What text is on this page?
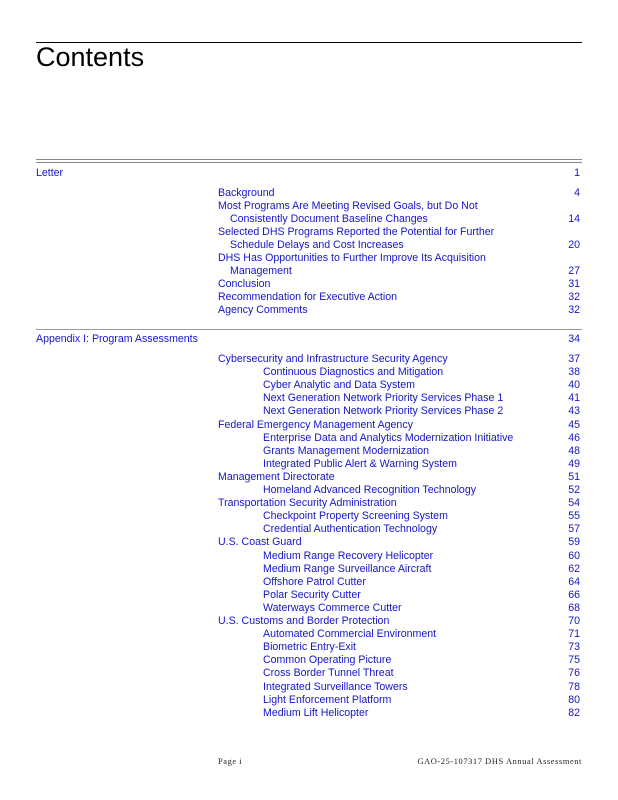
Contents
Letter	1
Background	4
Most Programs Are Meeting Revised Goals, but Do Not
Consistently Document Baseline Changes	14
Selected DHS Programs Reported the Potential for Further
Schedule Delays and Cost Increases	20
DHS Has Opportunities to Further Improve Its Acquisition
Management	27
Conclusion	31
Recommendation for Executive Action	32
Agency Comments	32
Appendix I: Program Assessments	34
Cybersecurity and Infrastructure Security Agency	37
Continuous Diagnostics and Mitigation	38
Cyber Analytic and Data System	40
Next Generation Network Priority Services Phase 1	41
Next Generation Network Priority Services Phase 2	43
Federal Emergency Management Agency	45
Enterprise Data and Analytics Modernization Initiative	46
Grants Management Modernization	48
Integrated Public Alert & Warning System	49
Management Directorate	51
Homeland Advanced Recognition Technology	52
Transportation Security Administration	54
Checkpoint Property Screening System	55
Credential Authentication Technology	57
U.S. Coast Guard	59
Medium Range Recovery Helicopter	60
Medium Range Surveillance Aircraft	62
Offshore Patrol Cutter	64
Polar Security Cutter	66
Waterways Commerce Cutter	68
U.S. Customs and Border Protection	70
Automated Commercial Environment	71
Biometric Entry-Exit	73
Common Operating Picture	75
Cross Border Tunnel Threat	76
Integrated Surveillance Towers	78
Light Enforcement Platform	80
Medium Lift Helicopter	82
Page i	GAO-25-107317 DHS Annual Assessment
